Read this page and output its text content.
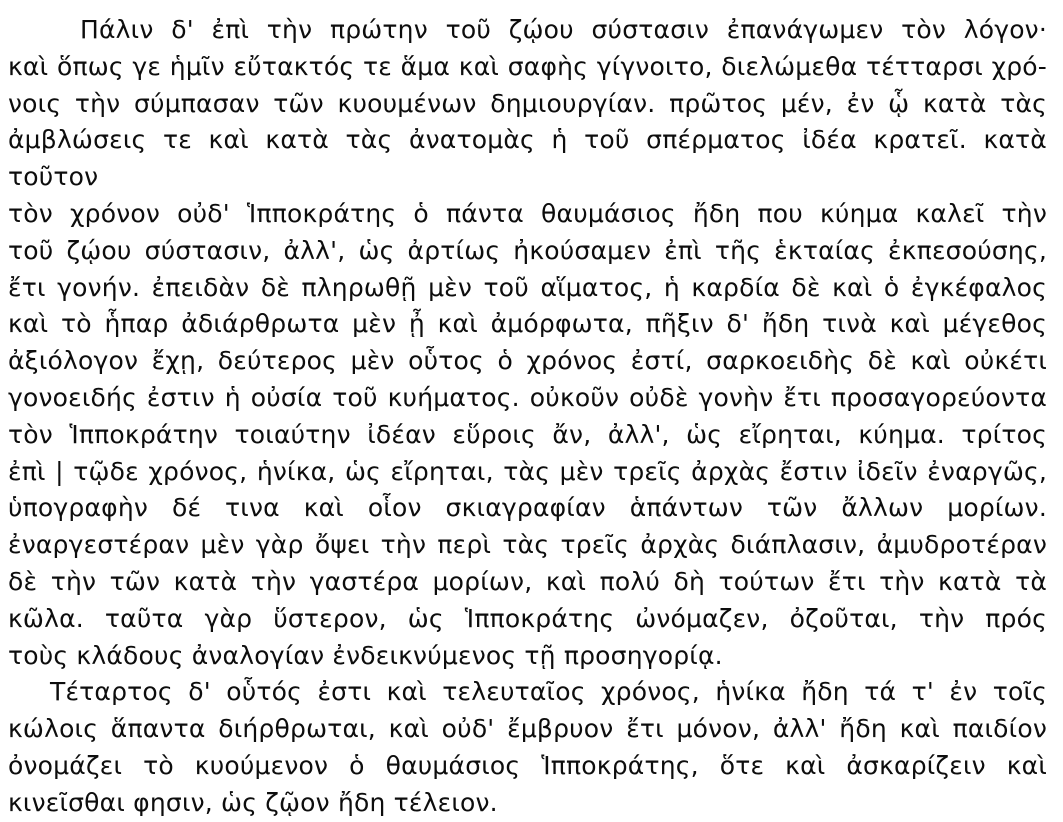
Πάλιν δ' ἐπὶ τὴν πρώτην τοῦ ζῴου σύστασιν ἐπανάγωμεν τὸν λόγον·
καὶ ὅπως γε ἡμῖν εὔτακτός τε ἅμα καὶ σαφὴς γίγνοιτο, διελώμεθα τέτταρσι χρό-
νοις τὴν σύμπασαν τῶν κυουμένων δημιουργίαν. πρῶτος μέν, ἐν ᾧ κατὰ τὰς
ἀμβλώσεις τε καὶ κατὰ τὰς ἀνατομὰς ἡ τοῦ σπέρματος ἰδέα κρατεῖ. κατὰ τοῦτον
τὸν χρόνον οὐδ' Ἱπποκράτης ὁ πάντα θαυμάσιος ἤδη που κύημα καλεῖ τὴν
τοῦ ζῴου σύστασιν, ἀλλ', ὡς ἀρτίως ἠκούσαμεν ἐπὶ τῆς ἑκταίας ἐκπεσούσης,
ἔτι γονήν. ἐπειδὰν δὲ πληρωθῇ μὲν τοῦ αἵματος, ἡ καρδία δὲ καὶ ὁ ἐγκέφαλος
καὶ τὸ ἧπαρ ἀδιάρθρωτα μὲν ᾖ καὶ ἀμόρφωτα, πῆξιν δ' ἤδη τινὰ καὶ μέγεθος
ἀξιόλογον ἔχῃ, δεύτερος μὲν οὗτος ὁ χρόνος ἐστί, σαρκοειδὴς δὲ καὶ οὐκέτι
γονοειδής ἐστιν ἡ οὐσία τοῦ κυήματος. οὐκοῦν οὐδὲ γονὴν ἔτι προσαγορεύοντα
τὸν Ἱπποκράτην τοιαύτην ἰδέαν εὕροις ἄν, ἀλλ', ὡς εἴρηται, κύημα. τρίτος
ἐπὶ | τῷδε χρόνος, ἡνίκα, ὡς εἴρηται, τὰς μὲν τρεῖς ἀρχὰς ἔστιν ἰδεῖν ἐναργῶς,
ὑπογραφὴν δέ τινα καὶ οἷον σκιαγραφίαν ἁπάντων τῶν ἄλλων μορίων.
ἐναργεστέραν μὲν γὰρ ὄψει τὴν περὶ τὰς τρεῖς ἀρχὰς διάπλασιν, ἀμυδροτέραν
δὲ τὴν τῶν κατὰ τὴν γαστέρα μορίων, καὶ πολύ δὴ τούτων ἔτι τὴν κατὰ τὰ
κῶλα. ταῦτα γὰρ ὕστερον, ὡς Ἱπποκράτης ὠνόμαζεν, ὀζοῦται, τὴν πρός
τοὺς κλάδους ἀναλογίαν ἐνδεικνύμενος τῇ προσηγορίᾳ.
Τέταρτος δ' οὗτός ἐστι καὶ τελευταῖος χρόνος, ἡνίκα ἤδη τά τ' ἐν τοῖς
κώλοις ἅπαντα διήρθρωται, καὶ οὐδ' ἔμβρυον ἔτι μόνον, ἀλλ' ἤδη καὶ παιδίον
ὀνομάζει τὸ κυούμενον ὁ θαυμάσιος Ἱπποκράτης, ὅτε καὶ ἀσκαρίζειν καὶ
κινεῖσθαι φησιν, ὡς ζῷον ἤδη τέλειον.
